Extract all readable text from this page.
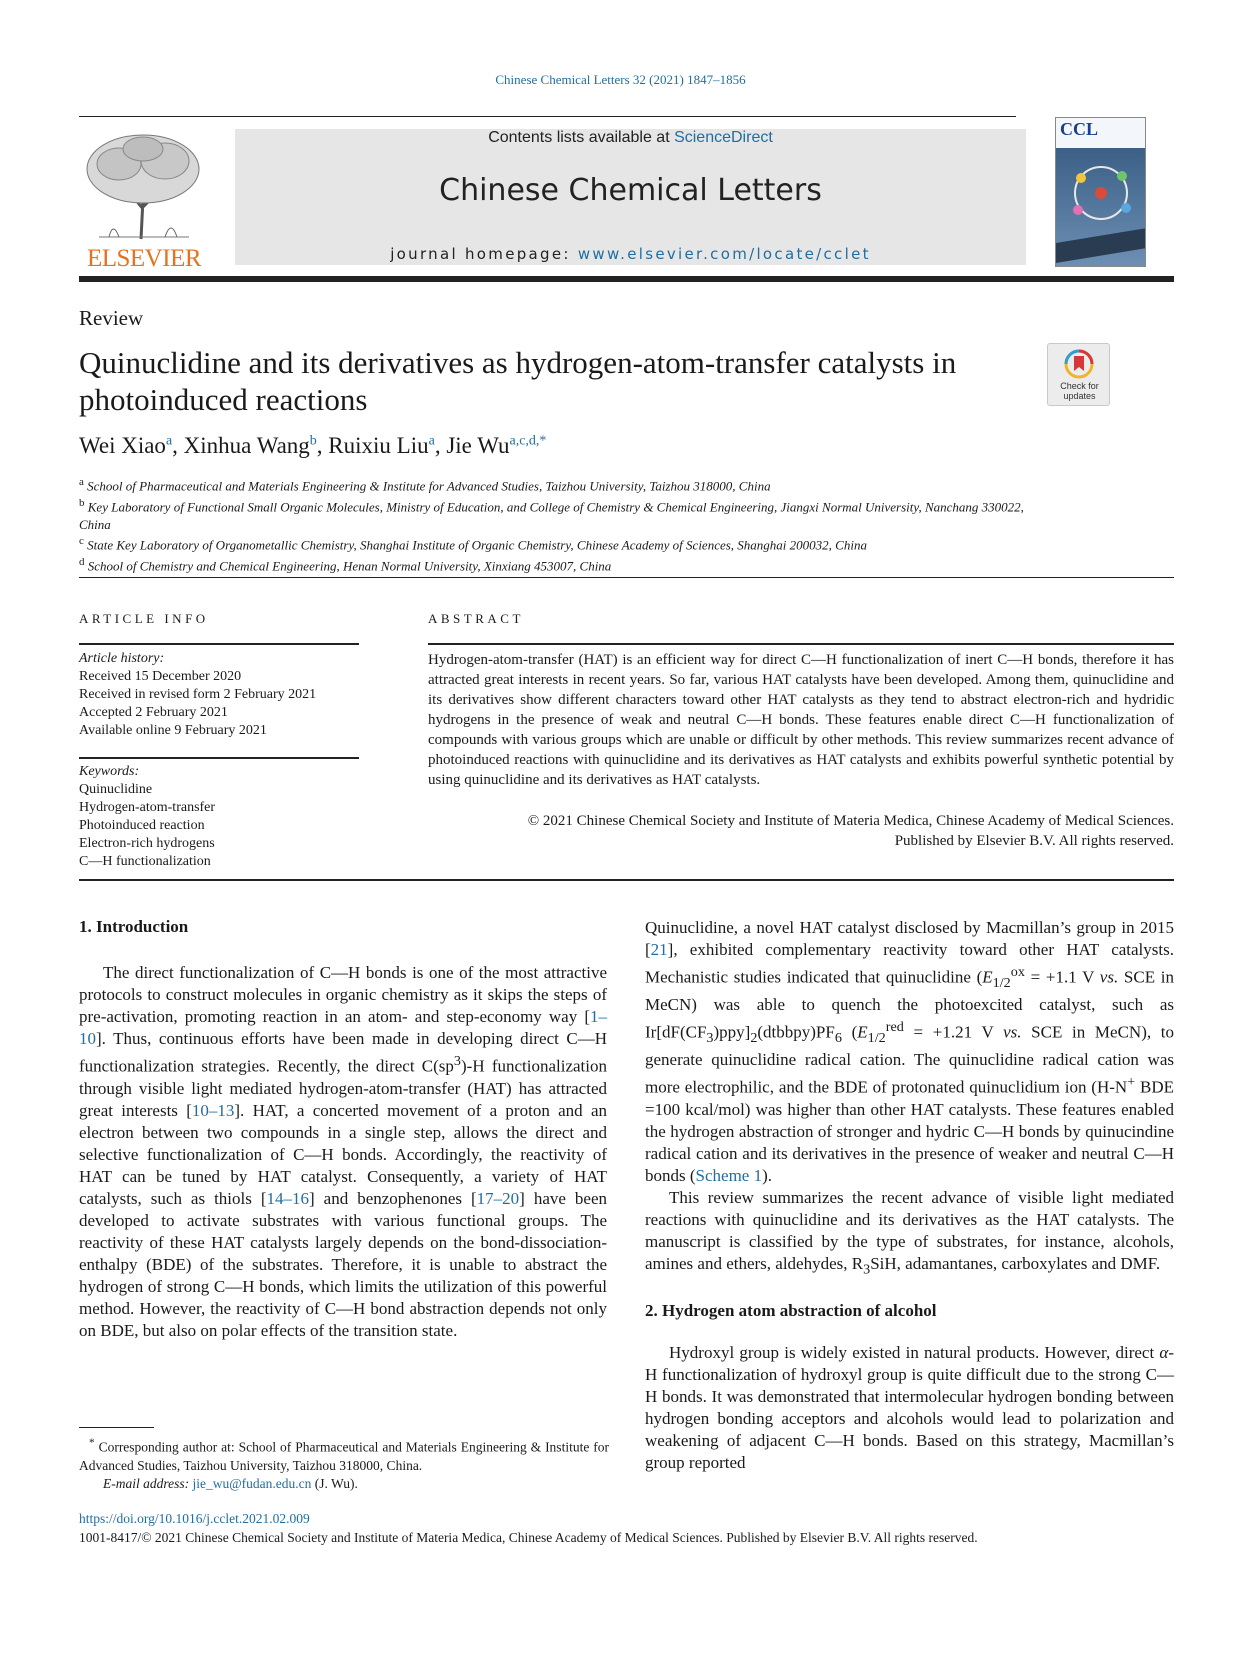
Chinese Chemical Letters 32 (2021) 1847–1856
ELSEVIER
Contents lists available at ScienceDirect
Chinese Chemical Letters
journal homepage: www.elsevier.com/locate/cclet
CCL
Review
Quinuclidine and its derivatives as hydrogen-atom-transfer catalysts in photoinduced reactions	Check for updates
Wei Xiao$^a$, Xinhua Wang$^b$, Ruixiu Liu$^a$, Jie $Wu^{a,c,d,*}$
$^a$ School of Pharmaceutical and Materials Engineering & Institute for Advanced Studies, Taizhou University, Taizhou 318000, China
$^b$ Key Laboratory of Functional Small Organic Molecules, Ministry of Education, and College of Chemistry & Chemical Engineering, Jiangxi Normal University, Nanchang 330022, China
$^c$ State Key Laboratory of Organometallic Chemistry, Shanghai Institute of Organic Chemistry, Chinese Academy of Sciences, Shanghai 200032, China
$^d$ School of Chemistry and Chemical Engineering, Henan Normal University, Xinxiang 453007, China
ARTICLE INFO
Article history:
Received 15 December 2020
Received in revised form 2 February 2021
Accepted 2 February 2021
Available online 9 February 2021
Keywords:
Quinuclidine
Hydrogen-atom-transfer
Photoinduced reaction
Electron-rich hydrogens
C—H functionalization
ABSTRACT
Hydrogen-atom-transfer (HAT) is an efficient way for direct C—H functionalization of inert C—H bonds, therefore it has attracted great interests in recent years. So far, various HAT catalysts have been developed. Among them, quinuclidine and its derivatives show different characters toward other HAT catalysts as they tend to abstract electron-rich and hydridic hydrogens in the presence of weak and neutral C—H bonds. These features enable direct C—H functionalization of compounds with various groups which are unable or difficult by other methods. This review summarizes recent advance of photoinduced reactions with quinuclidine and its derivatives as HAT catalysts and exhibits powerful synthetic potential by using quinuclidine and its derivatives as HAT catalysts.
© 2021 Chinese Chemical Society and Institute of Materia Medica, Chinese Academy of Medical Sciences.
Published by Elsevier B.V. All rights reserved.
1. Introduction

The direct functionalization of C—H bonds is one of the most attractive protocols to construct molecules in organic chemistry as it skips the steps of pre-activation, promoting reaction in an atom- and step-economy way [1–10]. Thus, continuous efforts have been made in developing direct C—H functionalization strategies. Recently, the direct $C(sp^3)-H$ functionalization through visible light mediated hydrogen-atom-transfer (HAT) has attracted great interests [10–13]. HAT, a concerted movement of a proton and an electron between two compounds in a single step, allows the direct and selective functionalization of C—H bonds. Accordingly, the reactivity of HAT can be tuned by HAT catalyst. Consequently, a variety of HAT catalysts, such as thiols [14–16] and benzophenones [17–20] have been developed to activate substrates with various functional groups. The reactivity of these HAT catalysts largely depends on the bond-dissociation-enthalpy (BDE) of the substrates. Therefore, it is unable to abstract the hydrogen of strong C—H bonds, which limits the utilization of this powerful method. However, the reactivity of C—H bond abstraction depends not only on BDE, but also on polar effects of the transition state.

* Corresponding author at: School of Pharmaceutical and Materials Engineering & Institute for Advanced Studies, Taizhou University, Taizhou 318000, China.
E-mail address: jie_wu@fudan.edu.cn (J. Wu).
Quinuclidine, a novel HAT catalyst disclosed by Macmillan’s group in 2015 [21], exhibited complementary reactivity toward other HAT catalysts. Mechanistic studies indicated that quinuclidine ($E_{1/2}^{ox} = +1.1$ V vs. SCE in MeCN) was able to quench the photoexcited catalyst, such as $Ir[dF(CF_3)ppy]_2(dtbbpy)PF_6$ ($E_{1/2}^{red} = +1.21$ V vs. SCE in MeCN), to generate quinuclidine radical cation. The quinuclidine radical cation was more electrophilic, and the BDE of protonated quinuclidium ion (H-N+ BDE =100 kcal/mol) was higher than other HAT catalysts. These features enabled the hydrogen abstraction of stronger and hydric C—H bonds by quinucindine radical cation and its derivatives in the presence of weaker and neutral C—H bonds (Scheme 1).

This review summarizes the recent advance of visible light mediated reactions with quinuclidine and its derivatives as the HAT catalysts. The manuscript is classified by the type of substrates, for instance, alcohols, amines and ethers, aldehydes, $R_3SiH$, adamantanes, carboxylates and DMF.

2. Hydrogen atom abstraction of alcohol

Hydroxyl group is widely existed in natural products. However, direct α-H functionalization of hydroxyl group is quite difficult due to the strong C—H bonds. It was demonstrated that intermolecular hydrogen bonding between hydrogen bonding acceptors and alcohols would lead to polarization and weakening of adjacent C—H bonds. Based on this strategy, Macmillan’s group reported

https://doi.org/10.1016/j.cclet.2021.02.009
1001-8417/© 2021 Chinese Chemical Society and Institute of Materia Medica, Chinese Academy of Medical Sciences. Published by Elsevier B.V. All rights reserved.
